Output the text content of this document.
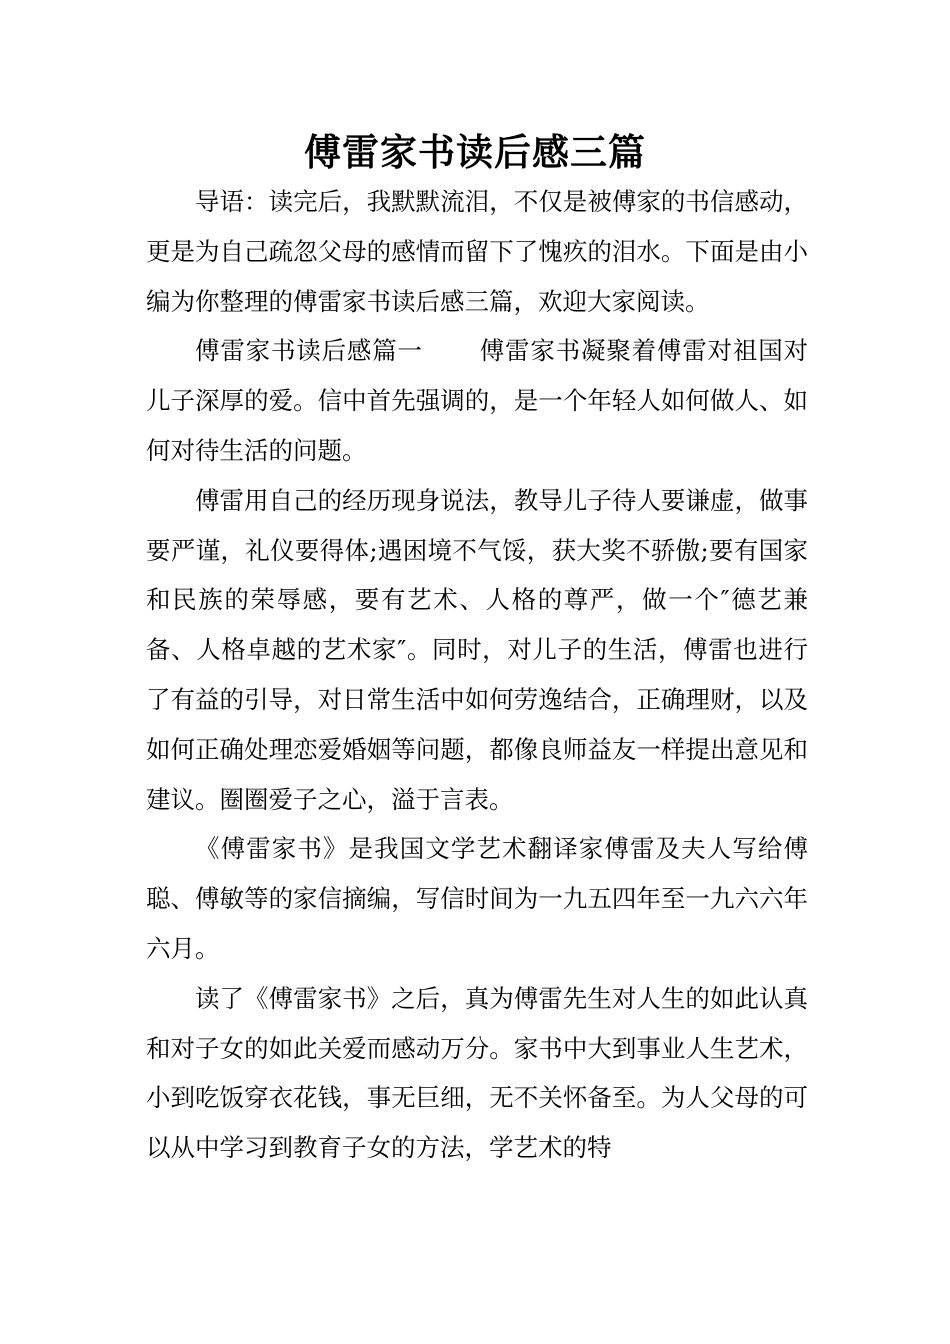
傅雷家书读后感三篇

导语：读完后，我默默流泪，不仅是被傅家的书信感动，更是为自己疏忽父母的感情而留下了愧疚的泪水。下面是由小编为你整理的傅雷家书读后感三篇，欢迎大家阅读。

傅雷家书读后感篇一 傅雷家书凝聚着傅雷对祖国对儿子深厚的爱。信中首先强调的，是一个年轻人如何做人、如何对待生活的问题。

傅雷用自己的经历现身说法，教导儿子待人要谦虚，做事要严谨，礼仪要得体;遇困境不气馁，获大奖不骄傲;要有国家和民族的荣辱感，要有艺术、人格的尊严，做一个″德艺兼备、人格卓越的艺术家″。同时，对儿子的生活，傅雷也进行了有益的引导，对日常生活中如何劳逸结合，正确理财，以及如何正确处理恋爱婚姻等问题，都像良师益友一样提出意见和建议。圈圈爱子之心，溢于言表。

《傅雷家书》是我国文学艺术翻译家傅雷及夫人写给傅聪、傅敏等的家信摘编，写信时间为一九五四年至一九六六年六月。

读了《傅雷家书》之后，真为傅雷先生对人生的如此认真和对子女的如此关爱而感动万分。家书中大到事业人生艺术，小到吃饭穿衣花钱，事无巨细，无不关怀备至。为人父母的可以从中学习到教育子女的方法，学艺术的特
